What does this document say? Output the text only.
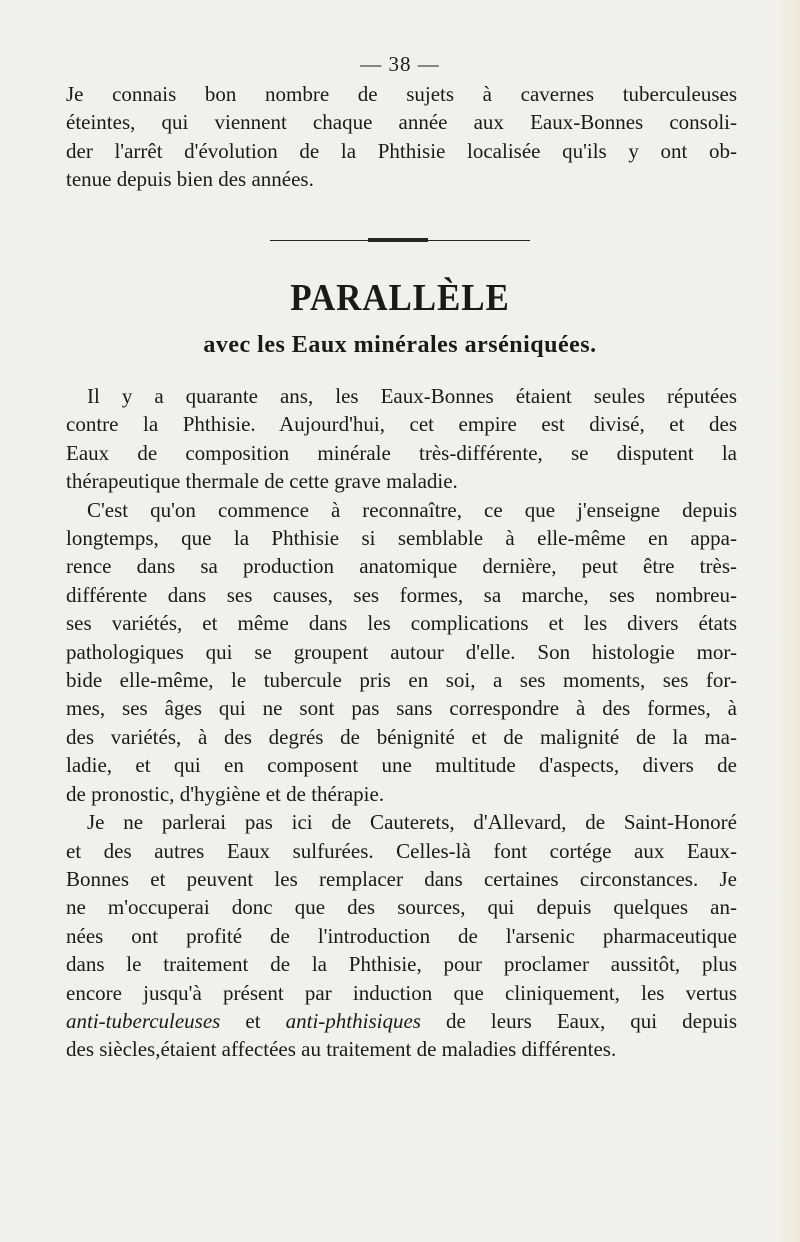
— 38 —
Je connais bon nombre de sujets à cavernes tuberculeuses
éteintes, qui viennent chaque année aux Eaux-Bonnes consoli-
der l'arrêt d'évolution de la Phthisie localisée qu'ils y ont ob-
tenue depuis bien des années.
PARALLÈLE
avec les Eaux minérales arséniquées.
Il y a quarante ans, les Eaux-Bonnes étaient seules réputées
contre la Phthisie. Aujourd'hui, cet empire est divisé, et des
Eaux de composition minérale très-différente, se disputent la
thérapeutique thermale de cette grave maladie.
C'est qu'on commence à reconnaître, ce que j'enseigne depuis
longtemps, que la Phthisie si semblable à elle-même en appa-
rence dans sa production anatomique dernière, peut être très-
différente dans ses causes, ses formes, sa marche, ses nombreu-
ses variétés, et même dans les complications et les divers états
pathologiques qui se groupent autour d'elle. Son histologie mor-
bide elle-même, le tubercule pris en soi, a ses moments, ses for-
mes, ses âges qui ne sont pas sans correspondre à des formes, à
des variétés, à des degrés de bénignité et de malignité de la ma-
ladie, et qui en composent une multitude d'aspects, divers de
de pronostic, d'hygiène et de thérapie.
Je ne parlerai pas ici de Cauterets, d'Allevard, de Saint-Honoré
et des autres Eaux sulfurées. Celles-là font cortége aux Eaux-
Bonnes et peuvent les remplacer dans certaines circonstances. Je
ne m'occuperai donc que des sources, qui depuis quelques an-
nées ont profité de l'introduction de l'arsenic pharmaceutique
dans le traitement de la Phthisie, pour proclamer aussitôt, plus
encore jusqu'à présent par induction que cliniquement, les vertus
anti-tuberculeuses et anti-phthisiques de leurs Eaux, qui depuis
des siècles,étaient affectées au traitement de maladies différentes.
